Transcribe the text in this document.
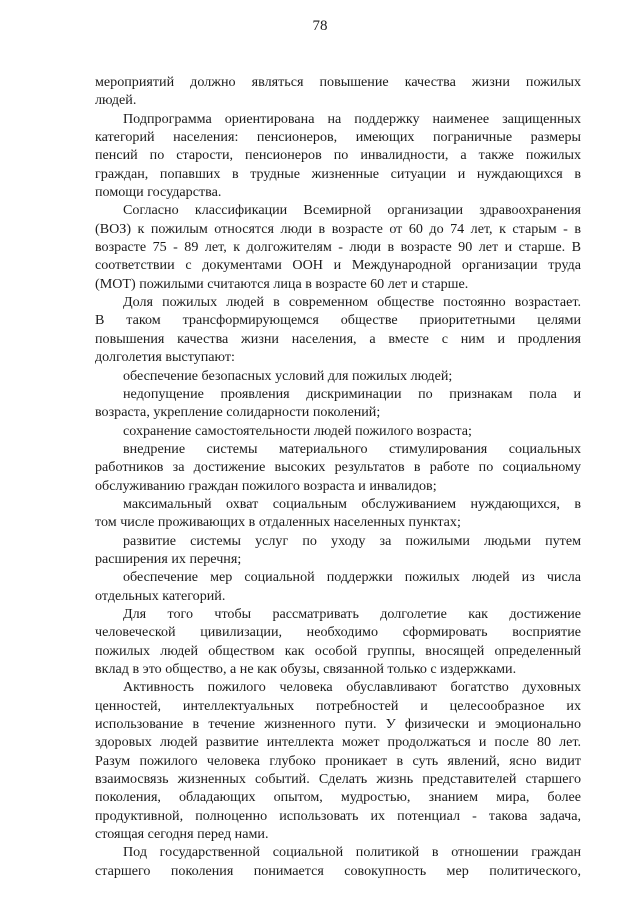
78
мероприятий должно являться повышение качества жизни пожилых
людей.
Подпрограмма ориентирована на поддержку наименее защищенных
категорий населения: пенсионеров, имеющих пограничные размеры
пенсий по старости, пенсионеров по инвалидности, а также пожилых
граждан, попавших в трудные жизненные ситуации и нуждающихся в
помощи государства.
Согласно классификации Всемирной организации здравоохранения
(ВОЗ) к пожилым относятся люди в возрасте от 60 до 74 лет, к старым - в
возрасте 75 - 89 лет, к долгожителям - люди в возрасте 90 лет и старше. В
соответствии с документами ООН и Международной организации труда
(МОТ) пожилыми считаются лица в возрасте 60 лет и старше.
Доля пожилых людей в современном обществе постоянно возрастает.
В таком трансформирующемся обществе приоритетными целями
повышения качества жизни населения, а вместе с ним и продления
долголетия выступают:
обеспечение безопасных условий для пожилых людей;
недопущение проявления дискриминации по признакам пола и
возраста, укрепление солидарности поколений;
сохранение самостоятельности людей пожилого возраста;
внедрение системы материального стимулирования социальных
работников за достижение высоких результатов в работе по социальному
обслуживанию граждан пожилого возраста и инвалидов;
максимальный охват социальным обслуживанием нуждающихся, в
том числе проживающих в отдаленных населенных пунктах;
развитие системы услуг по уходу за пожилыми людьми путем
расширения их перечня;
обеспечение мер социальной поддержки пожилых людей из числа
отдельных категорий.
Для того чтобы рассматривать долголетие как достижение
человеческой цивилизации, необходимо сформировать восприятие
пожилых людей обществом как особой группы, вносящей определенный
вклад в это общество, а не как обузы, связанной только с издержками.
Активность пожилого человека обуславливают богатство духовных
ценностей, интеллектуальных потребностей и целесообразное их
использование в течение жизненного пути. У физически и эмоционально
здоровых людей развитие интеллекта может продолжаться и после 80 лет.
Разум пожилого человека глубоко проникает в суть явлений, ясно видит
взаимосвязь жизненных событий. Сделать жизнь представителей старшего
поколения, обладающих опытом, мудростью, знанием мира, более
продуктивной, полноценно использовать их потенциал - такова задача,
стоящая сегодня перед нами.
Под государственной социальной политикой в отношении граждан
старшего поколения понимается совокупность мер политического,
